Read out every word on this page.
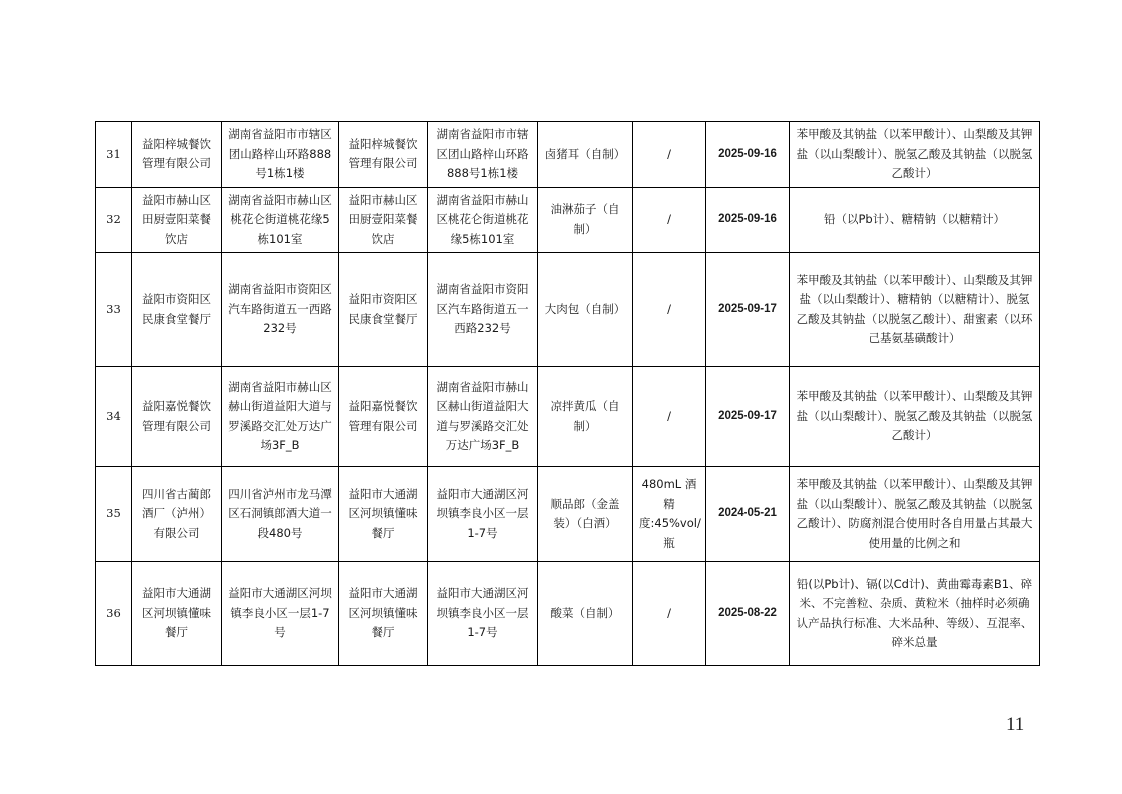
31	益阳梓城餐饮管理有限公司	湖南省益阳市市辖区团山路梓山环路888号1栋1楼	益阳梓城餐饮管理有限公司	湖南省益阳市市辖区团山路梓山环路888号1栋1楼	卤猪耳（自制）	/	2025-09-16	苯甲酸及其钠盐（以苯甲酸计）、山梨酸及其钾盐（以山梨酸计）、脱氢乙酸及其钠盐（以脱氢乙酸计）
32	益阳市赫山区田厨壹阳菜餐饮店	湖南省益阳市赫山区桃花仑街道桃花缘5栋101室	益阳市赫山区田厨壹阳菜餐饮店	湖南省益阳市赫山区桃花仑街道桃花缘5栋101室	油淋茄子（自制）	/	2025-09-16	铅（以Pb计）、糖精钠（以糖精计）
33	益阳市资阳区民康食堂餐厅	湖南省益阳市资阳区汽车路街道五一西路232号	益阳市资阳区民康食堂餐厅	湖南省益阳市资阳区汽车路街道五一西路232号	大肉包（自制）	/	2025-09-17	苯甲酸及其钠盐（以苯甲酸计）、山梨酸及其钾盐（以山梨酸计）、糖精钠（以糖精计）、脱氢乙酸及其钠盐（以脱氢乙酸计）、甜蜜素（以环己基氨基磺酸计）
34	益阳嘉悦餐饮管理有限公司	湖南省益阳市赫山区赫山街道益阳大道与罗溪路交汇处万达广场3F_B	益阳嘉悦餐饮管理有限公司	湖南省益阳市赫山区赫山街道益阳大道与罗溪路交汇处万达广场3F_B	凉拌黄瓜（自制）	/	2025-09-17	苯甲酸及其钠盐（以苯甲酸计）、山梨酸及其钾盐（以山梨酸计）、脱氢乙酸及其钠盐（以脱氢乙酸计）
35	四川省古蔺郎酒厂（泸州）有限公司	四川省泸州市龙马潭区石洞镇郎酒大道一段480号	益阳市大通湖区河坝镇懂味餐厅	益阳市大通湖区河坝镇李良小区一层1-7号	顺品郎（金盖装）（白酒）	480mL 酒精度:45%vol/瓶	2024-05-21	苯甲酸及其钠盐（以苯甲酸计）、山梨酸及其钾盐（以山梨酸计）、脱氢乙酸及其钠盐（以脱氢乙酸计）、防腐剂混合使用时各自用量占其最大使用量的比例之和
36	益阳市大通湖区河坝镇懂味餐厅	益阳市大通湖区河坝镇李良小区一层1-7号	益阳市大通湖区河坝镇懂味餐厅	益阳市大通湖区河坝镇李良小区一层1-7号	酸菜（自制）	/	2025-08-22	铅(以Pb计)、镉(以Cd计)、黄曲霉毒素B1、碎米、不完善粒、杂质、黄粒米（抽样时必须确认产品执行标准、大米品种、等级）、互混率、碎米总量
11
